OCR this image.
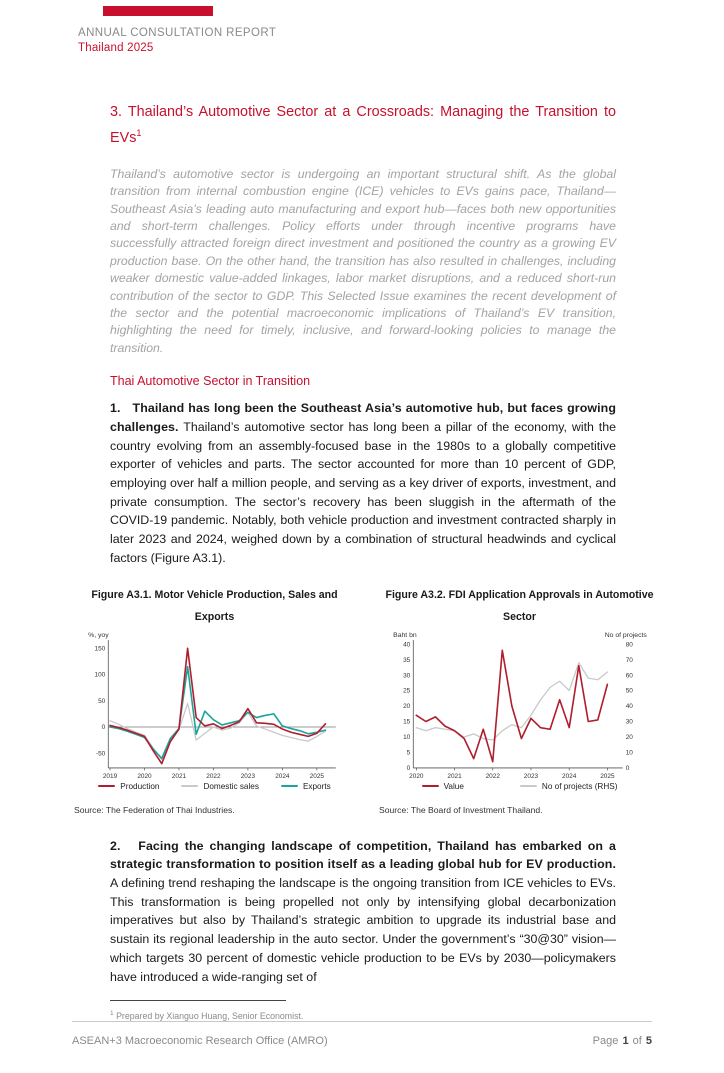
ANNUAL CONSULTATION REPORT
Thailand 2025
3. Thailand’s Automotive Sector at a Crossroads: Managing the Transition to EVs$^1$
Thailand’s automotive sector is undergoing an important structural shift. As the global transition from internal combustion engine (ICE) vehicles to EVs gains pace, Thailand—Southeast Asia’s leading auto manufacturing and export hub—faces both new opportunities and short-term challenges. Policy efforts under through incentive programs have successfully attracted foreign direct investment and positioned the country as a growing EV production base. On the other hand, the transition has also resulted in challenges, including weaker domestic value-added linkages, labor market disruptions, and a reduced short-run contribution of the sector to GDP. This Selected Issue examines the recent development of the sector and the potential macroeconomic implications of Thailand’s EV transition, highlighting the need for timely, inclusive, and forward-looking policies to manage the transition.
Thai Automotive Sector in Transition

1.   Thailand has long been the Southeast Asia’s automotive hub, but faces growing challenges. Thailand’s automotive sector has long been a pillar of the economy, with the country evolving from an assembly-focused base in the 1980s to a globally competitive exporter of vehicles and parts. The sector accounted for more than 10 percent of GDP, employing over half a million people, and serving as a key driver of exports, investment, and private consumption. The sector’s recovery has been sluggish in the aftermath of the COVID-19 pandemic. Notably, both vehicle production and investment contracted sharply in later 2023 and 2024, weighed down by a combination of structural headwinds and cyclical factors (Figure A3.1).

Figure A3.1. Motor Vehicle Production, Sales and Exports
%, yoy
150
100
50
0
-50
2019	2020	2021	2022	2023	2024	2025
Production	Domestic sales	Exports
Source: The Federation of Thai Industries.
Figure A3.2. FDI Application Approvals in Automotive Sector
Baht bn	No of projects
40
35
30
25
20
15
10
5
0
80
70
60
50
40
30
20
10
0
2020	2021	2022	2023	2024	2025
Value	No of projects (RHS)
Source: The Board of Investment Thailand.

2.   Facing the changing landscape of competition, Thailand has embarked on a strategic transformation to position itself as a leading global hub for EV production. A defining trend reshaping the landscape is the ongoing transition from ICE vehicles to EVs. This transformation is being propelled not only by intensifying global decarbonization imperatives but also by Thailand’s strategic ambition to upgrade its industrial base and sustain its regional leadership in the auto sector. Under the government’s “30@30” vision—which targets 30 percent of domestic vehicle production to be EVs by 2030—policymakers have introduced a wide-ranging set of

$^1$ Prepared by Xianguo Huang, Senior Economist.
ASEAN+3 Macroeconomic Research Office (AMRO)	Page 1 of 5
